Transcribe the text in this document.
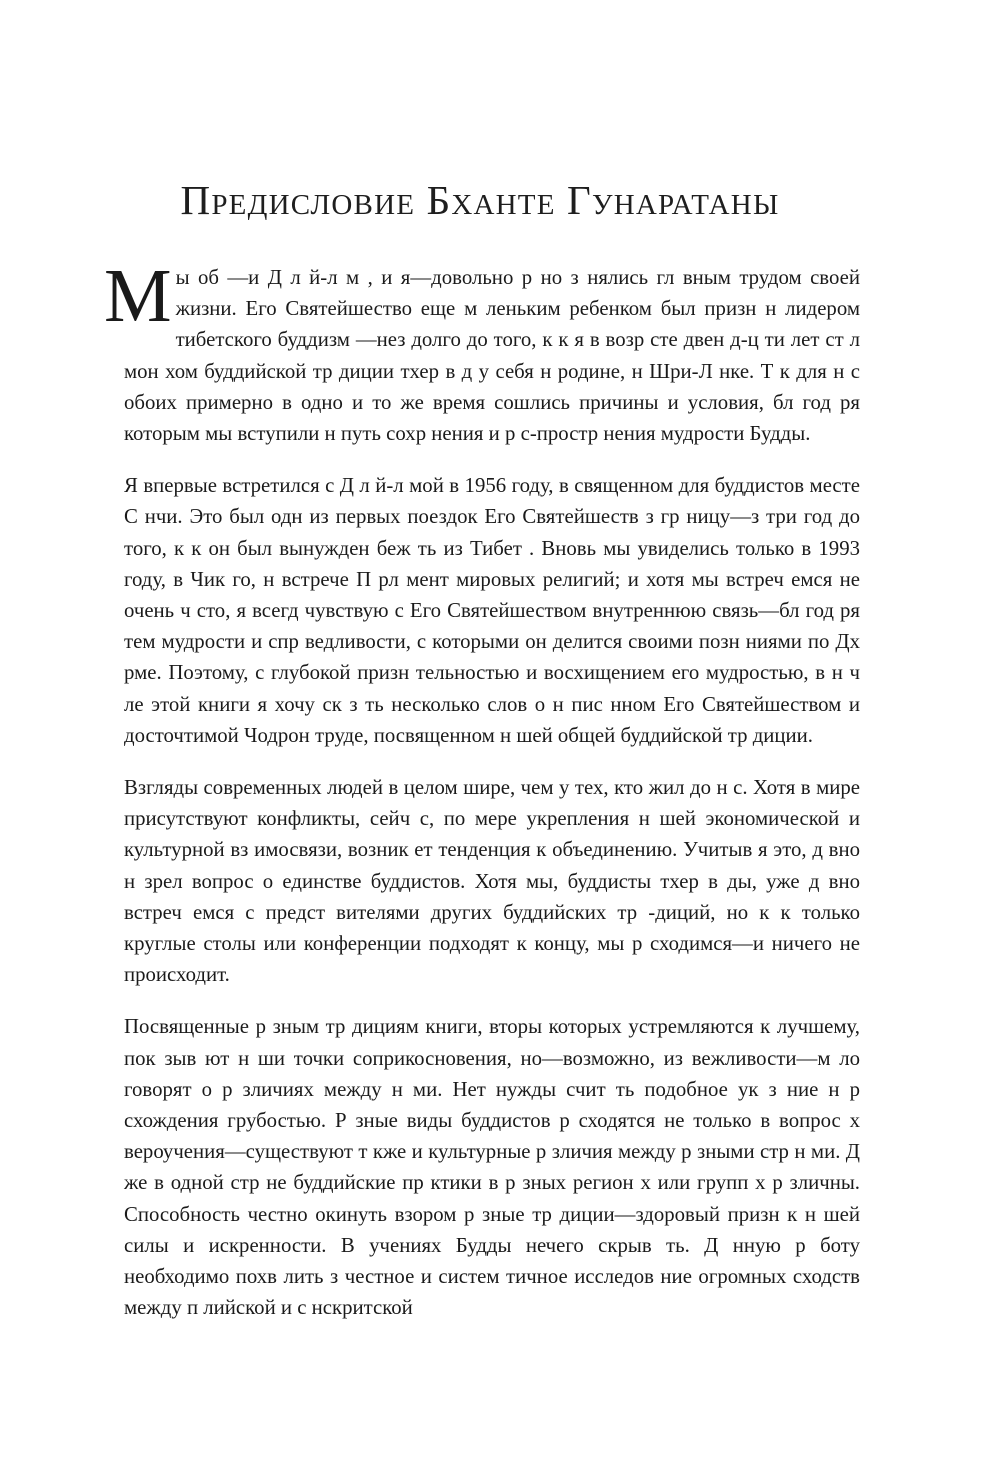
Предисловие Бханте Гунаратаны

Мы об —и Д л й-л м , и я—довольно р но з нялись гл вным трудом своей жизни. Его Святейшество еще м леньким ребенком был призн н лидером тибетского буддизм —нез долго до того, к к я в возр сте двен д-ц ти лет ст л мон хом буддийской тр диции тхер в д у себя н родине, н Шри-Л нке. Т к для н с обоих примерно в одно и то же время сошлись причины и условия, бл год ря которым мы вступили н путь сохр нения и р с-простр нения мудрости Будды.

Я впервые встретился с Д л й-л мой в 1956 году, в священном для буддистов месте С нчи. Это был одн из первых поездок Его Святейшеств з гр ницу—з три год до того, к к он был вынужден беж ть из Тибет . Вновь мы увиделись только в 1993 году, в Чик го, н встрече П рл мент мировых религий; и хотя мы встреч емся не очень ч сто, я всегд чувствую с Его Святейшеством внутреннюю связь—бл год ря тем мудрости и спр ведливости, с которыми он делится своими позн ниями по Дх рме. Поэтому, с глубокой призн тельностью и восхищением его мудростью, в н ч ле этой книги я хочу ск з ть несколько слов о н пис нном Его Святейшеством и досточтимой Чодрон труде, посвященном н шей общей буддийской тр диции.

Взгляды современных людей в целом шире, чем у тех, кто жил до н с. Хотя в мире присутствуют конфликты, сейч с, по мере укрепления н шей экономической и культурной вз имосвязи, возник ет тенденция к объединению. Учитыв я это, д вно н зрел вопрос о единстве буддистов. Хотя мы, буддисты тхер в ды, уже д вно встреч емся с предст вителями других буддийских тр -диций, но к к только круглые столы или конференции подходят к концу, мы р сходимся—и ничего не происходит.

Посвященные р зным тр дициям книги, вторы которых устремляются к лучшему, пок зыв ют н ши точки соприкосновения, но—возможно, из вежливости—м ло говорят о р зличиях между н ми. Нет нужды счит ть подобное ук з ние н р схождения грубостью. Р зные виды буддистов р сходятся не только в вопрос х вероучения—существуют т кже и культурные р зличия между р зными стр н ми. Д же в одной стр не буддийские пр ктики в р зных регион х или групп х р зличны. Способность честно окинуть взором р зные тр диции—здоровый призн к н шей силы и искренности. В учениях Будды нечего скрыв ть. Д нную р боту необходимо похв лить з честное и систем тичное исследов ние огромных сходств между п лийской и с нскритской
